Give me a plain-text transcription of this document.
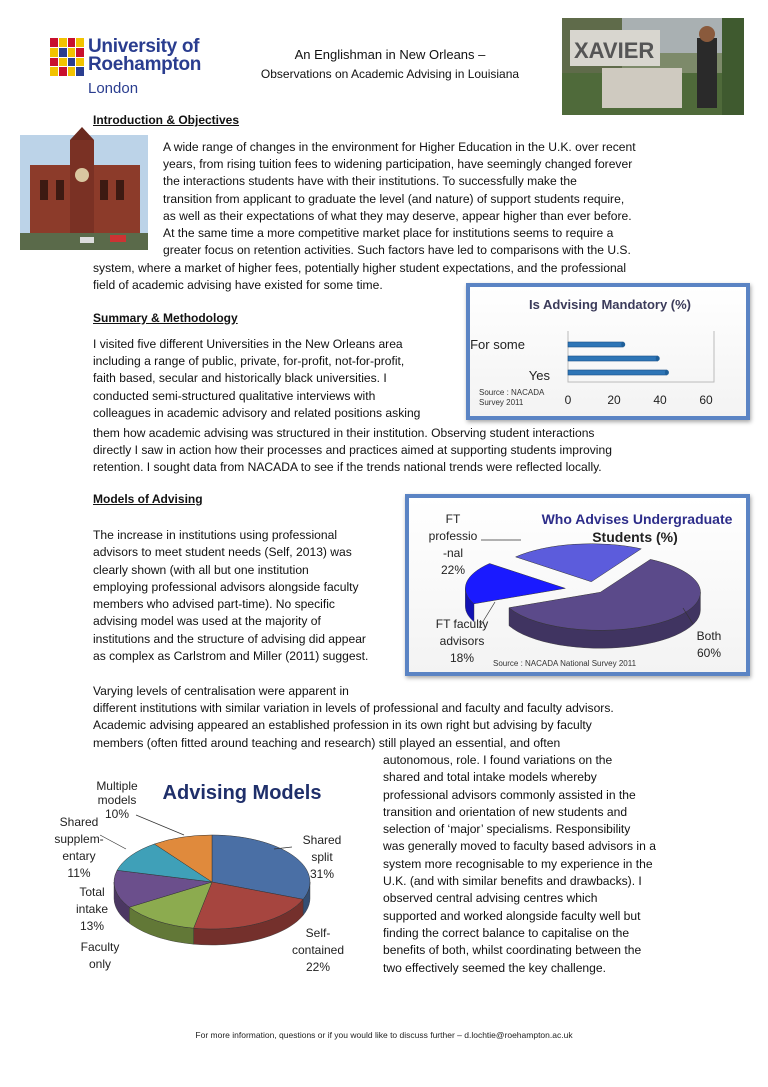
University of
Roehampton
London
An Englishman in New Orleans –
Observations on Academic Advising in Louisiana
XAVIER
Introduction & Objectives
A wide range of changes in the environment for Higher Education in the U.K. over recent
years, from rising tuition fees to widening participation, have seemingly changed forever
the interactions students have with their institutions. To successfully make the
transition from applicant to graduate the level (and nature) of support students require,
as well as their expectations of what they may deserve, appear higher than ever before.
At the same time a more competitive market place for institutions seems to require a
greater focus on retention activities. Such factors have led to comparisons with the U.S.
system, where a market of higher fees, potentially higher student expectations, and the professional
field of academic advising have existed for some time.
Summary & Methodology
I visited five different Universities in the New Orleans area
including a range of public, private, for-profit, not-for-profit,
faith based, secular and historically black universities. I
conducted semi-structured qualitative interviews with
colleagues in academic advisory and related positions asking
them how academic advising was structured in their institution. Observing student interactions
directly I saw in action how their processes and practices aimed at supporting students improving
retention. I sought data from NACADA to see if the trends national trends were reflected locally.
Is Advising Mandatory (%)
For some
Yes
Source : NACADA
Survey 2011	0	20	40	60
Models of Advising
The increase in institutions using professional
advisors to meet student needs (Self, 2013) was
clearly shown (with all but one institution
employing professional advisors alongside faculty
members who advised part-time). No specific
advising model was used at the majority of
institutions and the structure of advising did appear
as complex as Carlstrom and Miller (2011) suggest.
Varying levels of centralisation were apparent in
different institutions with similar variation in levels of professional and faculty and faculty advisors.
Academic advising appeared an established profession in its own right but advising by faculty
members (often fitted around teaching and research) still played an essential, and often
autonomous, role. I found variations on the
shared and total intake models whereby
professional advisors commonly assisted in the
transition and orientation of new students and
selection of ‘major’ specialisms. Responsibility
was generally moved to faculty based advisors in a
system more recognisable to my experience in the
U.K. (and with similar benefits and drawbacks). I
observed central advising centres which
supported and worked alongside faculty well but
finding the correct balance to capitalise on the
benefits of both, whilst coordinating between the
two effectively seemed the key challenge.
Who Advises Undergraduate
Students (%)
FT
professio
-nal
22%
FT faculty
advisors
18%
Both
60%
Source : NACADA National Survey 2011
Advising Models
Multiple
models
10%
Shared
supplem-
entary
11%
Total
intake
13%
Faculty
only
Shared
split
31%
Self-
contained
22%
For more information, questions or if you would like to discuss further – d.lochtie@roehampton.ac.uk
